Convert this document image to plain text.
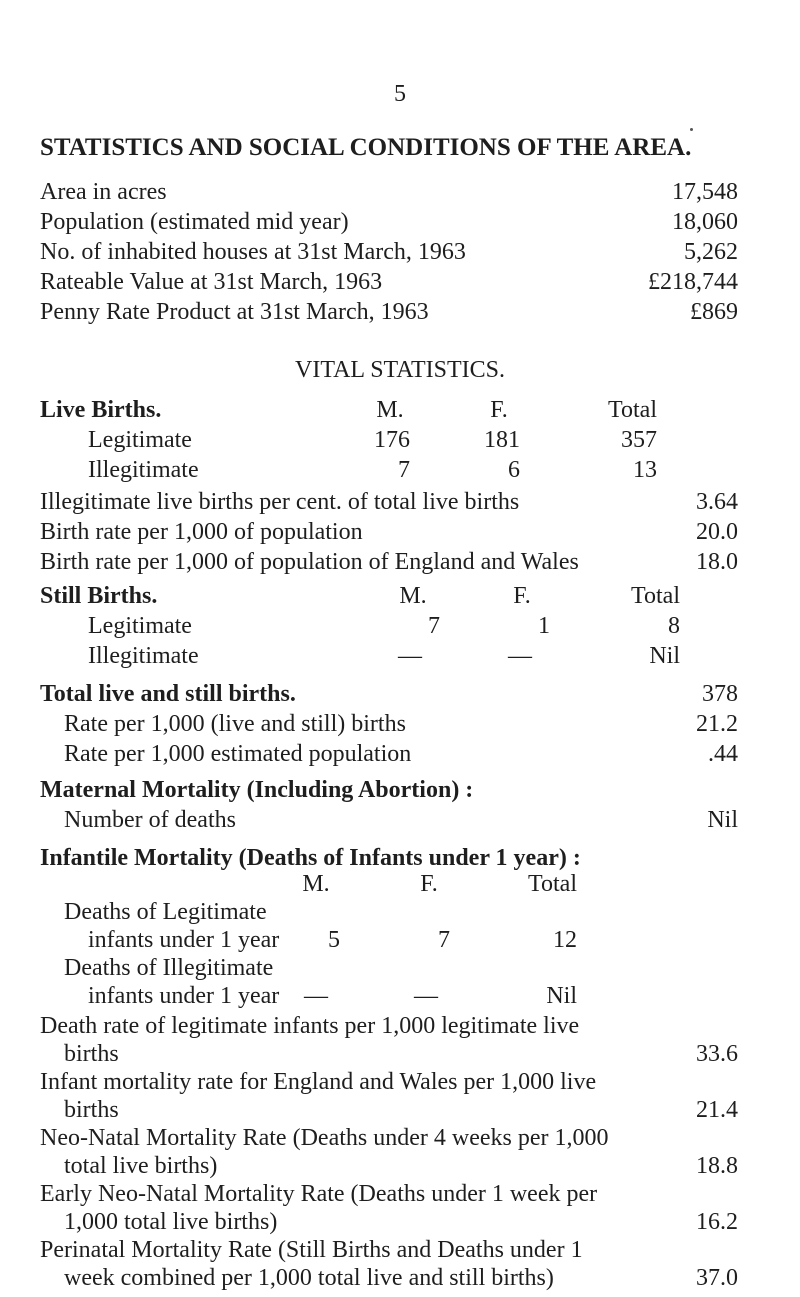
5
STATISTICS AND SOCIAL CONDITIONS OF THE AREA.
Area in acres	17,548
Population (estimated mid year)	18,060
No. of inhabited houses at 31st March, 1963	5,262
Rateable Value at 31st March, 1963	£218,744
Penny Rate Product at 31st March, 1963	£869
VITAL STATISTICS.
Live Births.	M.	F.	Total
Legitimate	176	181	357
Illegitimate	7	6	13
Illegitimate live births per cent. of total live births	3.64
Birth rate per 1,000 of population	20.0
Birth rate per 1,000 of population of England and Wales	18.0
Still Births.	M.	F.	Total
Legitimate	7	1	8
Illegitimate	—	—	Nil
Total live and still births.	378
Rate per 1,000 (live and still) births	21.2
Rate per 1,000 estimated population	.44
Maternal Mortality (Including Abortion) :
Number of deaths	Nil
Infantile Mortality (Deaths of Infants under 1 year) :
M.	F.	Total
Deaths of Legitimate
infants under 1 year	5	7	12
Deaths of Illegitimate
infants under 1 year	—	—	Nil
Death rate of legitimate infants per 1,000 legitimate live
births	33.6
Infant mortality rate for England and Wales per 1,000 live
births	21.4
Neo-Natal Mortality Rate (Deaths under 4 weeks per 1,000
total live births)	18.8
Early Neo-Natal Mortality Rate (Deaths under 1 week per
1,000 total live births)	16.2
Perinatal Mortality Rate (Still Births and Deaths under 1
week combined per 1,000 total live and still births)	37.0
